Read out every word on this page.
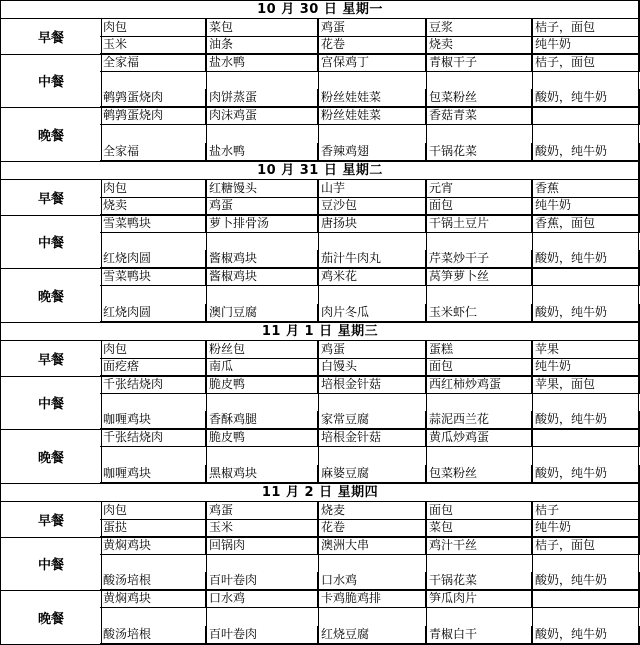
10 月 30 日 星期一
早餐
肉包	菜包	鸡蛋	豆浆	桔子，面包
玉米	油条	花卷	烧卖	纯牛奶
中餐
全家福	盐水鸭	宫保鸡丁	青椒干子	桔子，面包
鹌鹑蛋烧肉	肉饼蒸蛋	粉丝娃娃菜	包菜粉丝	酸奶，纯牛奶
晚餐
鹌鹑蛋烧肉	肉沫鸡蛋	粉丝娃娃菜	香菇青菜
全家福	盐水鸭	香辣鸡翅	干锅花菜	酸奶，纯牛奶
10 月 31 日 星期二
早餐
肉包	红糖馒头	山芋	元宵	香蕉
烧卖	鸡蛋	豆沙包	面包	纯牛奶
中餐
雪菜鸭块	萝卜排骨汤	唐扬块	干锅土豆片	香蕉，面包
红烧肉圆	酱椒鸡块	茄汁牛肉丸	芹菜炒干子	酸奶，纯牛奶
晚餐
雪菜鸭块	酱椒鸡块	鸡米花	莴笋萝卜丝
红烧肉圆	澳门豆腐	肉片冬瓜	玉米虾仁	酸奶，纯牛奶
11 月 1 日 星期三
早餐
肉包	粉丝包	鸡蛋	蛋糕	苹果
面疙瘩	南瓜	白馒头	面包	纯牛奶
中餐
千张结烧肉	脆皮鸭	培根金针菇	西红柿炒鸡蛋	苹果，面包
咖喱鸡块	香酥鸡腿	家常豆腐	蒜泥西兰花	酸奶，纯牛奶
晚餐
千张结烧肉	脆皮鸭	培根金针菇	黄瓜炒鸡蛋
咖喱鸡块	黑椒鸡块	麻婆豆腐	包菜粉丝	酸奶，纯牛奶
11 月 2 日 星期四
早餐
肉包	鸡蛋	烧麦	面包	桔子
蛋挞	玉米	花卷	菜包	纯牛奶
中餐
黄焖鸡块	回锅肉	澳洲大串	鸡汁干丝	桔子，面包
酸汤培根	百叶卷肉	口水鸡	干锅花菜	酸奶，纯牛奶
晚餐
黄焖鸡块	口水鸡	卡鸡脆鸡排	笋瓜肉片
酸汤培根	百叶卷肉	红烧豆腐	青椒白干	酸奶，纯牛奶
